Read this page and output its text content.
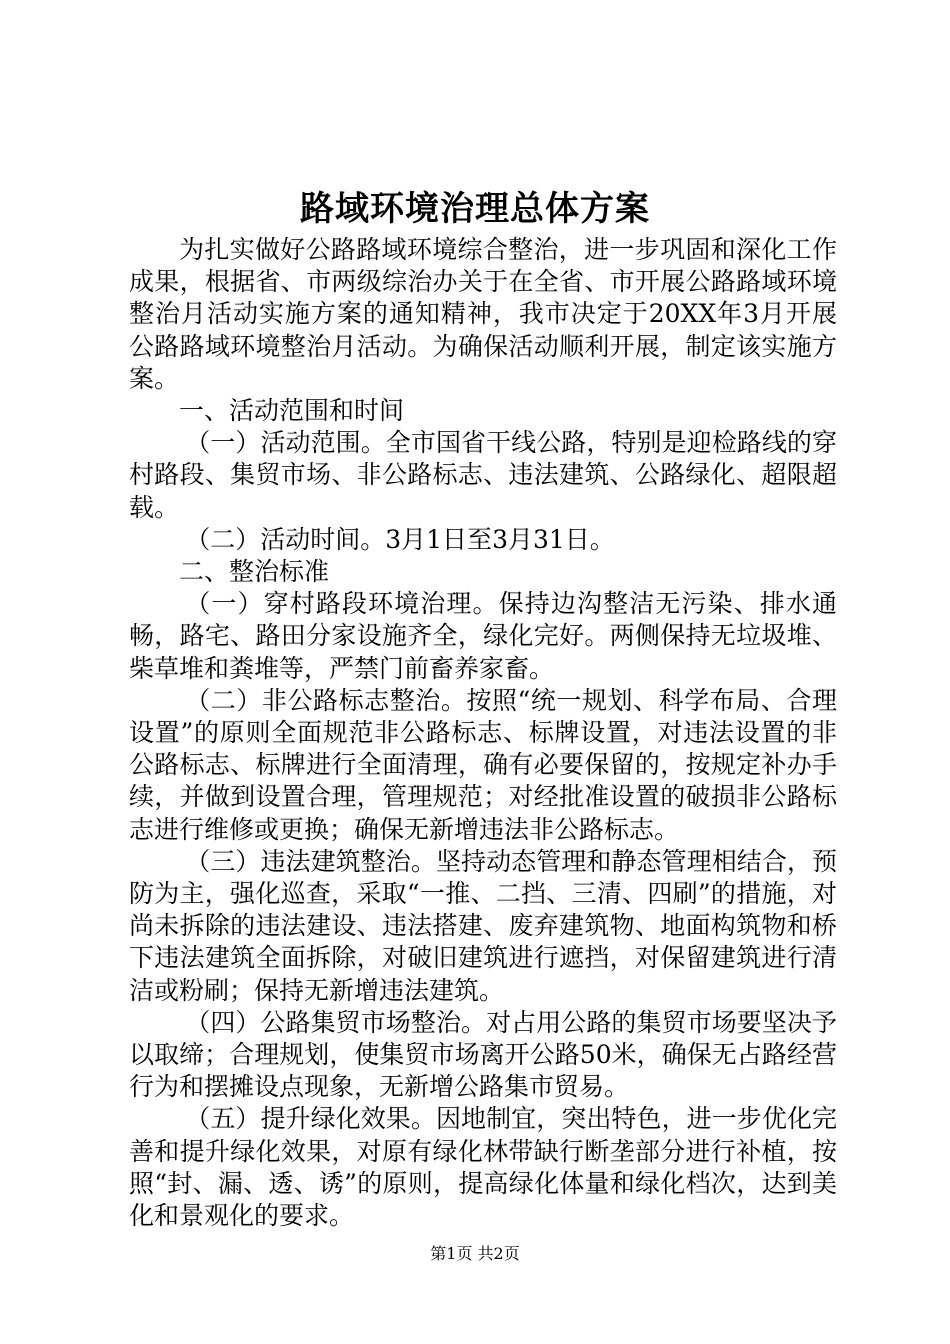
路域环境治理总体方案

为扎实做好公路路域环境综合整治，进一步巩固和深化工作成果，根据省、市两级综治办关于在全省、市开展公路路域环境整治月活动实施方案的通知精神，我市决定于20XX年3月开展公路路域环境整治月活动。为确保活动顺利开展，制定该实施方案。

一、活动范围和时间

（一）活动范围。全市国省干线公路，特别是迎检路线的穿村路段、集贸市场、非公路标志、违法建筑、公路绿化、超限超载。

（二）活动时间。3月1日至3月31日。

二、整治标准

（一）穿村路段环境治理。保持边沟整洁无污染、排水通畅，路宅、路田分家设施齐全，绿化完好。两侧保持无垃圾堆、柴草堆和粪堆等，严禁门前畜养家畜。

（二）非公路标志整治。按照“统一规划、科学布局、合理设置”的原则全面规范非公路标志、标牌设置，对违法设置的非公路标志、标牌进行全面清理，确有必要保留的，按规定补办手续，并做到设置合理，管理规范；对经批准设置的破损非公路标志进行维修或更换；确保无新增违法非公路标志。

（三）违法建筑整治。坚持动态管理和静态管理相结合，预防为主，强化巡查，采取“一推、二挡、三清、四刷”的措施，对尚未拆除的违法建设、违法搭建、废弃建筑物、地面构筑物和桥下违法建筑全面拆除，对破旧建筑进行遮挡，对保留建筑进行清洁或粉刷；保持无新增违法建筑。

（四）公路集贸市场整治。对占用公路的集贸市场要坚决予以取缔；合理规划，使集贸市场离开公路50米，确保无占路经营行为和摆摊设点现象，无新增公路集市贸易。

（五）提升绿化效果。因地制宜，突出特色，进一步优化完善和提升绿化效果，对原有绿化林带缺行断垄部分进行补植，按照“封、漏、透、诱”的原则，提高绿化体量和绿化档次，达到美化和景观化的要求。

第1页 共2页
